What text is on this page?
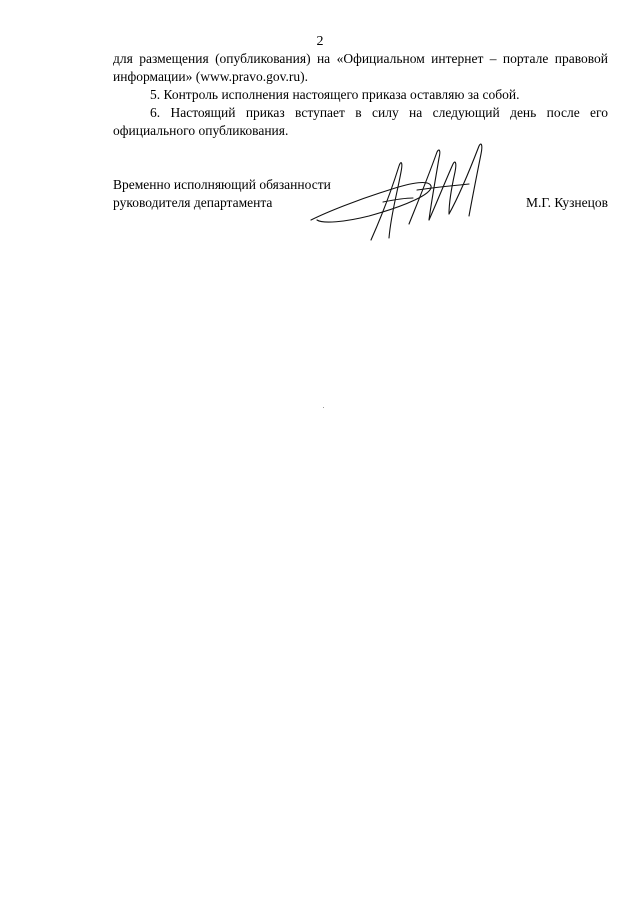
2

для размещения (опубликования) на «Официальном интернет – портале правовой информации» (www.pravo.gov.ru).

5. Контроль исполнения настоящего приказа оставляю за собой.

6. Настоящий приказ вступает в силу на следующий день после его официального опубликования.

Временно исполняющий обязанности
руководителя департамента	М.Г. Кузнецов
